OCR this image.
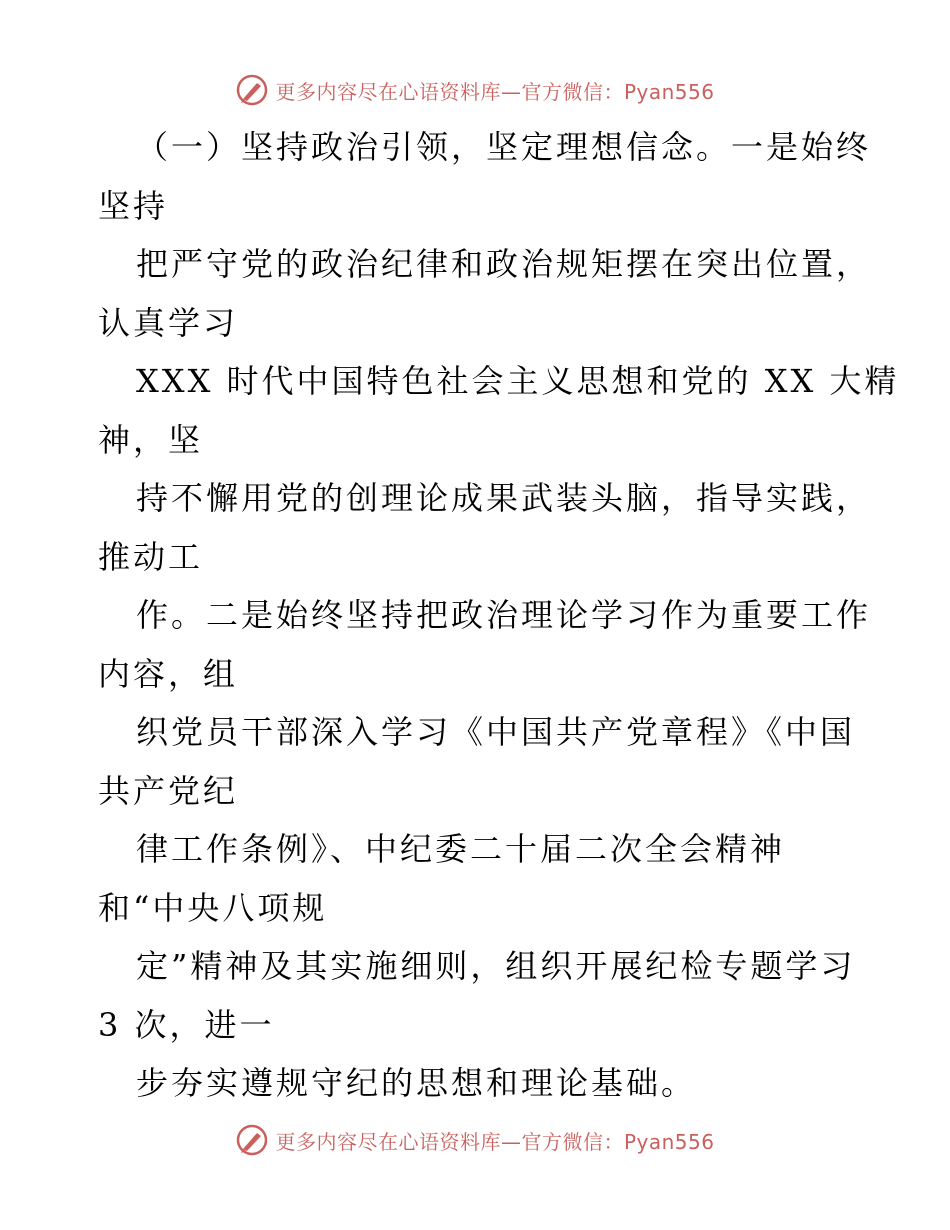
更多内容尽在心语资料库—官方微信：Pyan556
（一）坚持政治引领，坚定理想信念。一是始终
坚持
把严守党的政治纪律和政治规矩摆在突出位置，
认真学习
XXX 时代中国特色社会主义思想和党的 XX 大精
神，坚
持不懈用党的创理论成果武装头脑，指导实践，
推动工
作。二是始终坚持把政治理论学习作为重要工作
内容，组
织党员干部深入学习《中国共产党章程》《中国
共产党纪
律工作条例》、中纪委二十届二次全会精神
和“中央八项规
定”精神及其实施细则，组织开展纪检专题学习
3 次，进一
步夯实遵规守纪的思想和理论基础。
更多内容尽在心语资料库—官方微信：Pyan556
